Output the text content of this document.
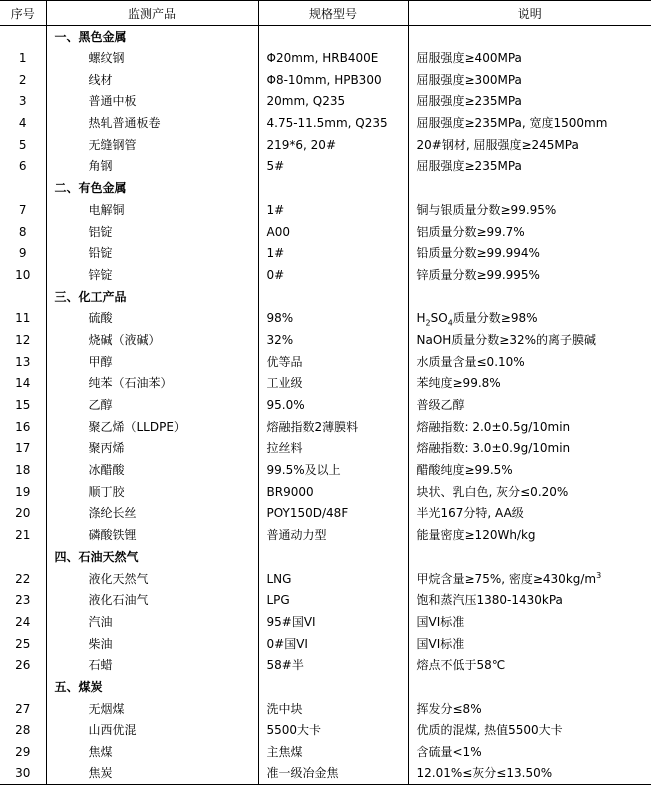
序号	监测产品	规格型号	说明
	一、黑色金属		
1	螺纹钢	Φ20mm, HRB400E	屈服强度≥400MPa
2	线材	Φ8-10mm, HPB300	屈服强度≥300MPa
3	普通中板	20mm, Q235	屈服强度≥235MPa
4	热轧普通板卷	4.75-11.5mm, Q235	屈服强度≥235MPa, 宽度1500mm
5	无缝钢管	219*6, 20#	20#钢材, 屈服强度≥245MPa
6	角钢	5#	屈服强度≥235MPa
	二、有色金属		
7	电解铜	1#	铜与银质量分数≥99.95%
8	铝锭	A00	铝质量分数≥99.7%
9	铅锭	1#	铅质量分数≥99.994%
10	锌锭	0#	锌质量分数≥99.995%
	三、化工产品		
11	硫酸	98%	$H_2SO_4$质量分数≥98%
12	烧碱（液碱）	32%	NaOH质量分数≥32%的离子膜碱
13	甲醇	优等品	水质量含量≤0.10%
14	纯苯（石油苯）	工业级	苯纯度≥99.8%
15	乙醇	95.0%	普级乙醇
16	聚乙烯（LLDPE）	熔融指数2薄膜料	熔融指数: 2.0±0.5g/10min
17	聚丙烯	拉丝料	熔融指数: 3.0±0.9g/10min
18	冰醋酸	99.5%及以上	醋酸纯度≥99.5%
19	顺丁胶	BR9000	块状、乳白色, 灰分≤0.20%
20	涤纶长丝	POY150D/48F	半光167分特, AA级
21	磷酸铁锂	普通动力型	能量密度≥120Wh/kg
	四、石油天然气		
22	液化天然气	LNG	甲烷含量≥75%, 密度$\ge 430kg/m^3$
23	液化石油气	LPG	饱和蒸汽压1380-1430kPa
24	汽油	95#国VI	国VI标准
25	柴油	0#国VI	国VI标准
26	石蜡	58#半	熔点不低于58℃
	五、煤炭		
27	无烟煤	洗中块	挥发分≤8%
28	山西优混	5500大卡	优质的混煤, 热值5500大卡
29	焦煤	主焦煤	含硫量<1%
30	焦炭	准一级冶金焦	12.01%≤灰分≤13.50%
